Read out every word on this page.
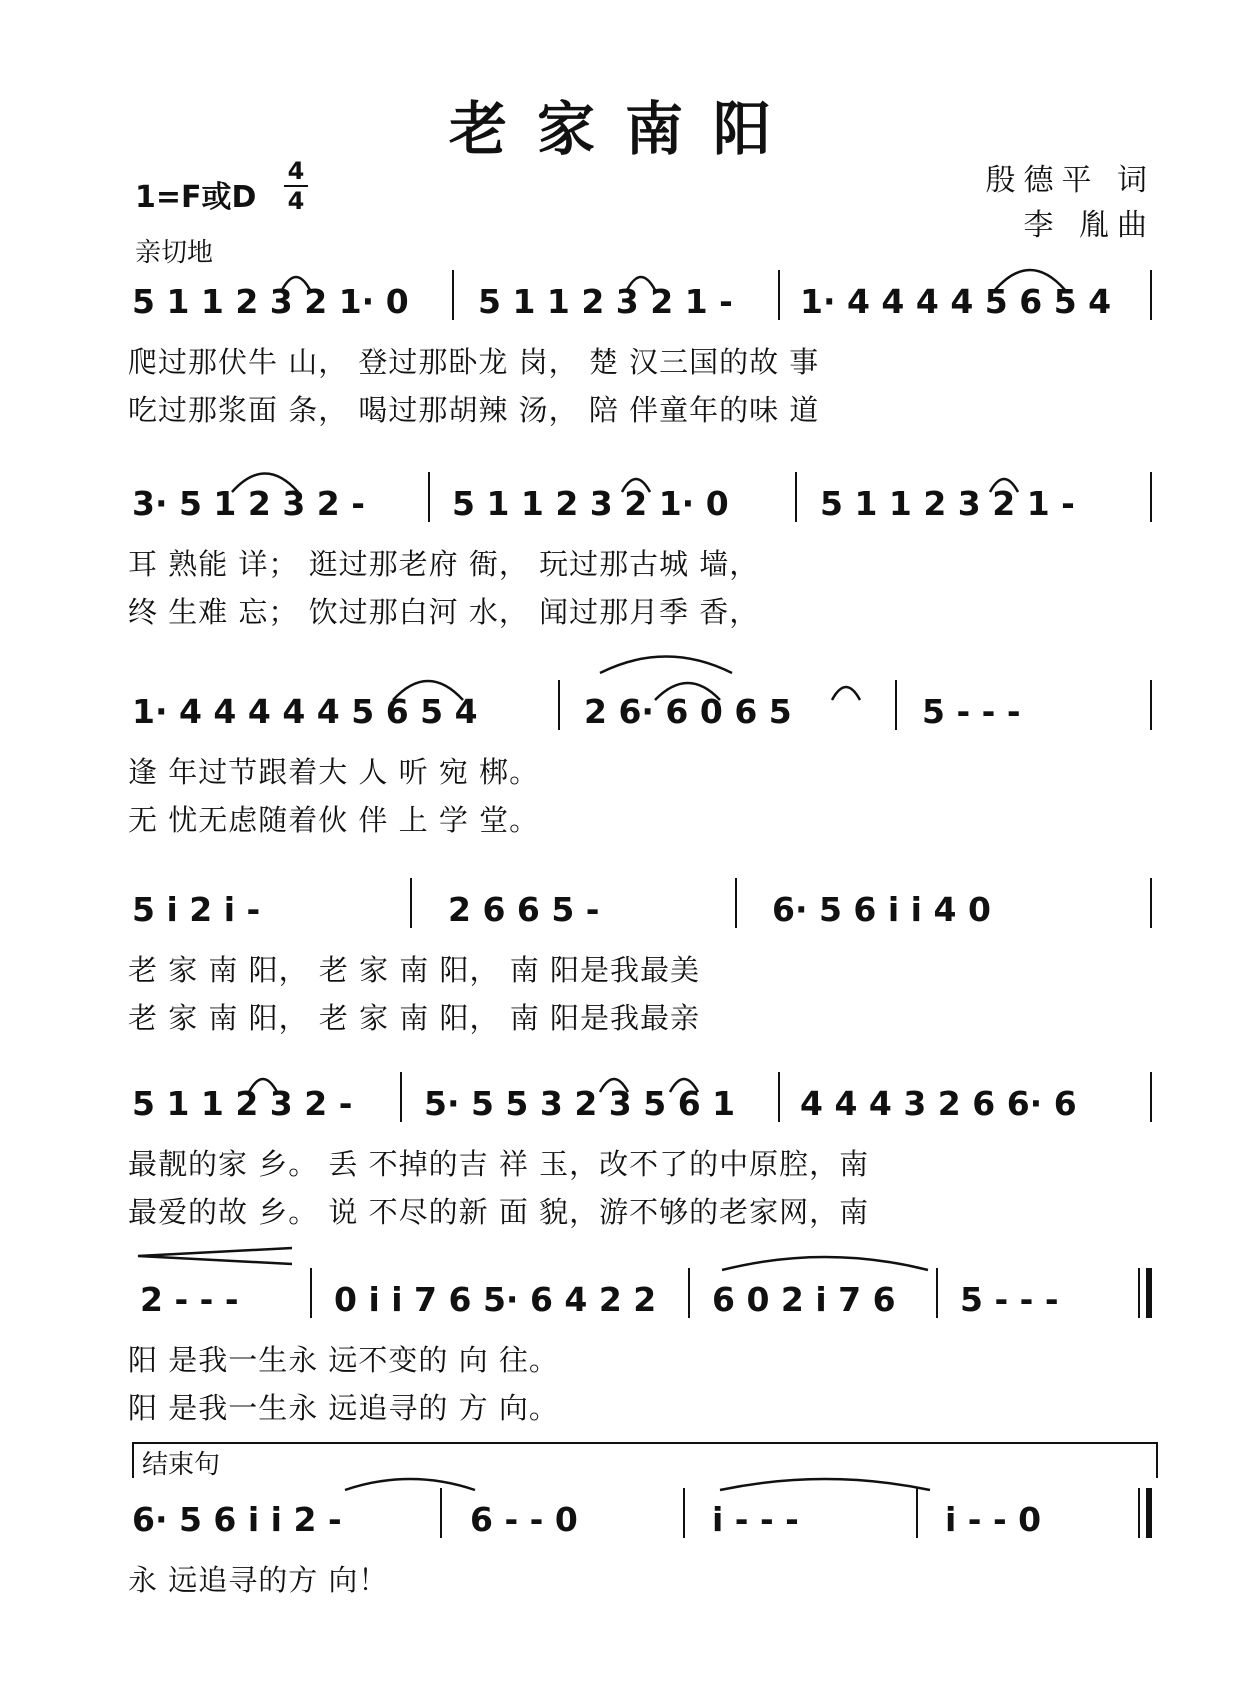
老家南阳
1=F或D
4
4
亲切地
殷德平 词
李 胤曲
5 1 1 2 3 2 1· 0 5 1 1 2 3 2 1 - 1· 4 4 4 4 5 6 5 4
爬过那伏牛 山， 登过那卧龙 岗， 楚 汉三国的故 事
吃过那浆面 条， 喝过那胡辣 汤， 陪 伴童年的味 道
3· 5 1 2 3 2 -	5 1 1 2 3 2 1· 0	5 1 1 2 3 2 1 -
耳 熟能 详； 逛过那老府 衙， 玩过那古城 墙，
终 生难 忘； 饮过那白河 水， 闻过那月季 香，
1· 4 4 4 4 4 5 6 5 4	2 6· 6 0 6 5	5 - - -
逢 年过节跟着大 人 听 宛 梆。
无 忧无虑随着伙 伴 上 学 堂。
5 i 2 i -	2 6 6 5 -	6· 5 6 i i 4 0
老 家 南 阳， 老 家 南 阳， 南 阳是我最美
老 家 南 阳， 老 家 南 阳， 南 阳是我最亲
5 1 1 2 3 2 - 5· 5 5 3 2 3 5 6 1 4 4 4 3 2 6 6· 6
最靓的家 乡。 丢 不掉的吉 祥 玉，改不了的中原腔，南
最爱的故 乡。 说 不尽的新 面 貌，游不够的老家网，南
2 - - -	0 i i 7 6 5· 6 4 2 2 6 0 2 i 7 6 5 - - -
阳 是我一生永 远不变的 向 往。
阳 是我一生永 远追寻的 方 向。
结束句
6· 5 6 i i 2 -	6 - - 0	i - - -	i - - 0
永 远追寻的方 向！
